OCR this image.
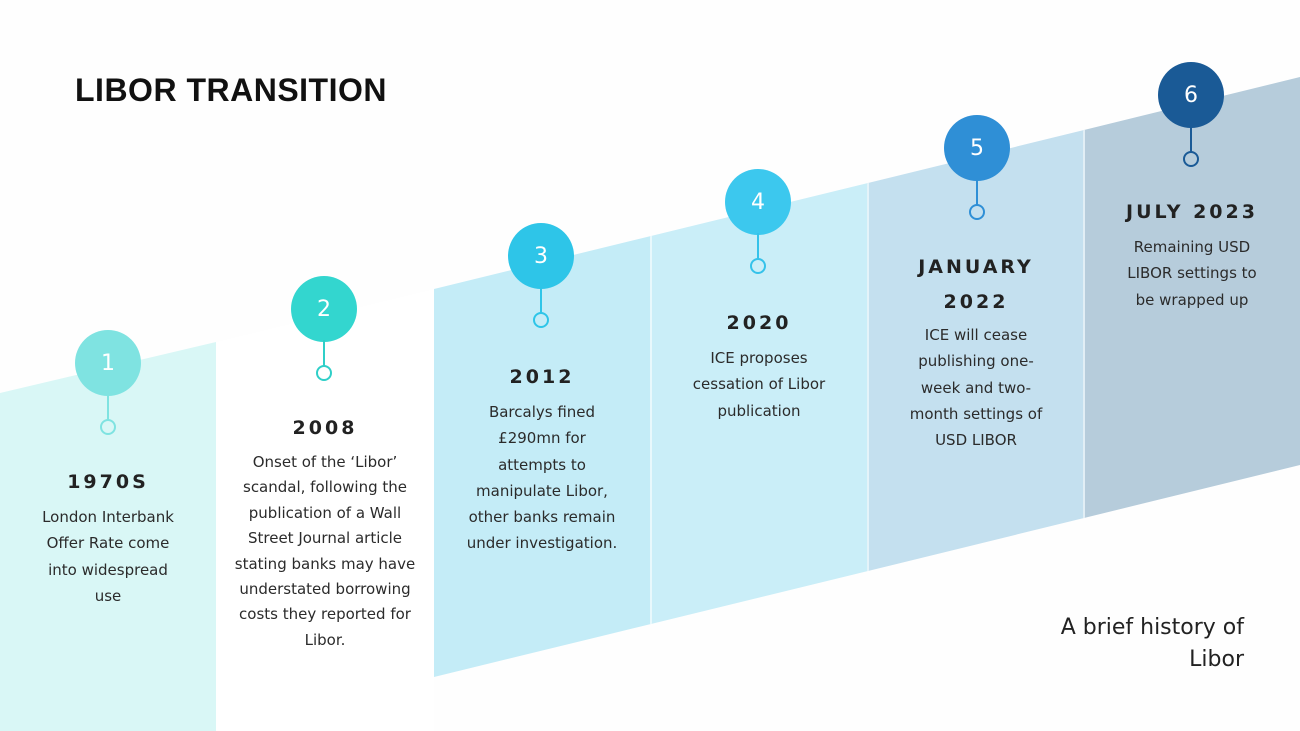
LIBOR TRANSITION
1
2
3
4
5
6
1970S
London Interbank
Offer Rate come
into widespread
use
2008
Onset of the ‘Libor’
scandal, following the
publication of a Wall
Street Journal article
stating banks may have
understated borrowing
costs they reported for
Libor.
2012
Barcalys fined
£290mn for
attempts to
manipulate Libor,
other banks remain
under investigation.
2020
ICE proposes
cessation of Libor
publication
JANUARY
2022
ICE will cease
publishing one-
week and two-
month settings of
USD LIBOR
JULY 2023
Remaining USD
LIBOR settings to
be wrapped up
A brief history of
Libor
